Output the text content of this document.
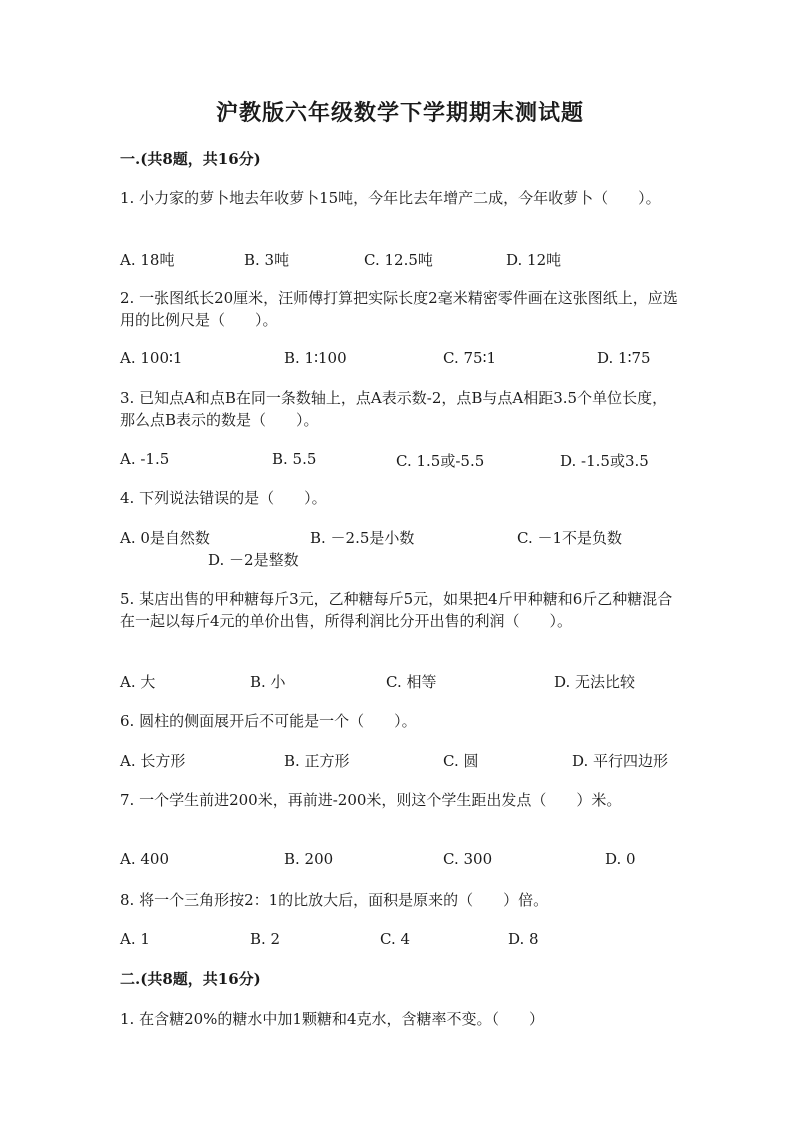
沪教版六年级数学下学期期末测试题
一.(共8题，共16分)
1. 小力家的萝卜地去年收萝卜15吨，今年比去年增产二成，今年收萝卜（　　）。
A. 18吨	B. 3吨	C. 12.5吨	D. 12吨
2. 一张图纸长20厘米，汪师傅打算把实际长度2毫米精密零件画在这张图纸上，应选用的比例尺是（　　）。
A. 100∶1	B. 1∶100	C. 75∶1	D. 1∶75
3. 已知点A和点B在同一条数轴上，点A表示数-2，点B与点A相距3.5个单位长度，那么点B表示的数是（　　）。
A. -1.5	B. 5.5	C. 1.5或-5.5	D. -1.5或3.5
4. 下列说法错误的是（　　）。
A. 0是自然数	B. －2.5是小数	C. －1不是负数
D. －2是整数
5. 某店出售的甲种糖每斤3元，乙种糖每斤5元，如果把4斤甲种糖和6斤乙种糖混合在一起以每斤4元的单价出售，所得利润比分开出售的利润（　　）。
A. 大	B. 小	C. 相等	D. 无法比较
6. 圆柱的侧面展开后不可能是一个（　　）。
A. 长方形	B. 正方形	C. 圆	D. 平行四边形
7. 一个学生前进200米，再前进-200米，则这个学生距出发点（　　）米。
A. 400	B. 200	C. 300	D. 0
8. 将一个三角形按2：1的比放大后，面积是原来的（　　）倍。
A. 1	B. 2	C. 4	D. 8
二.(共8题，共16分)
1. 在含糖20%的糖水中加1颗糖和4克水，含糖率不变。（　　）
